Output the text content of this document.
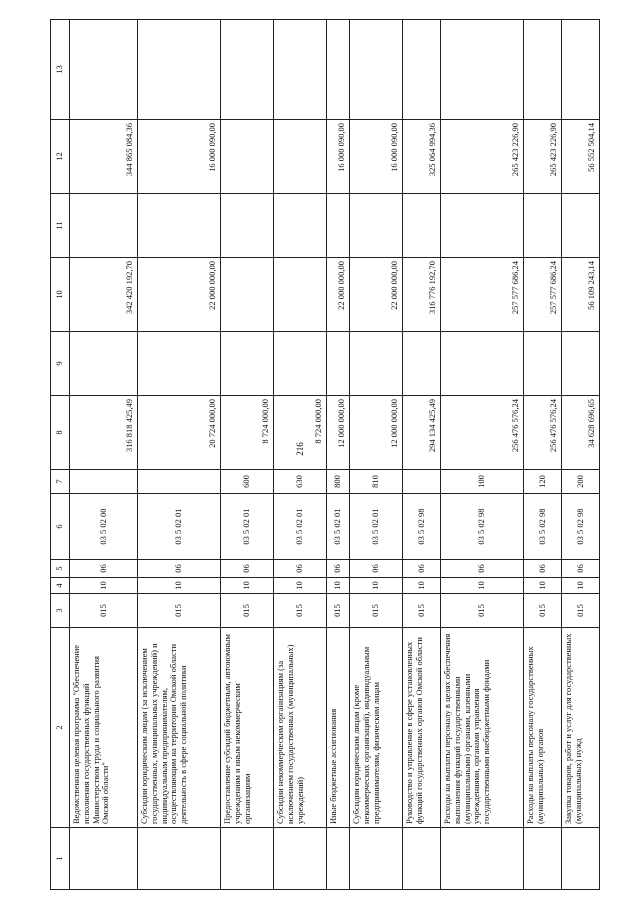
216
1	2	3	4	5	6	7	8	9	10	11	12	13
	Ведомственная целевая программа "Обеспечение исполнения государственных функций Министерством труда и социального развития Омской области"	015	10	06	03 5 02 00		316 818 425,49		342 420 192,70		344 865 084,36	
	Субсидии юридическим лицам (за исключением государственных, муниципальных учреждений) и индивидуальным предпринимателям, осуществляющим на территории Омской области деятельность в сфере социальной политики	015	10	06	03 5 02 01		20 724 000,00		22 000 000,00		16 000 090,00	
	Предоставление субсидий бюджетным, автономным учреждениям и иным некоммерческим организациям	015	10	06	03 5 02 01	600	8 724 000,00					
	Субсидии некоммерческим организациям (за исключением государственных (муниципальных) учреждений)	015	10	06	03 5 02 01	630	8 724 000,00					
	Иные бюджетные ассигнования	015	10	06	03 5 02 01	800	12 000 000,00		22 000 000,00		16 000 090,00	
	Субсидии юридическим лицам (кроме некоммерческих организаций), индивидуальным предпринимателям, физическим лицам	015	10	06	03 5 02 01	810	12 000 000,00		22 000 000,00		16 000 090,00	
	Руководство и управление в сфере установленных функций государственных органов Омской области	015	10	06	03 5 02 98		294 134 425,49		316 776 192,70		325 064 994,36	
	Расходы на выплаты персоналу в целях обеспечения выполнения функций государственными (муниципальными) органами, казенными учреждениями, органами управления государственными внебюджетными фондами	015	10	06	03 5 02 98	100	256 476 576,24		257 577 686,24		265 423 226,90	
	Расходы на выплаты персоналу государственных (муниципальных) органов	015	10	06	03 5 02 98	120	256 476 576,24		257 577 686,24		265 423 226,90	
	Закупка товаров, работ и услуг для государственных (муниципальных) нужд	015	10	06	03 5 02 98	200	34 628 696,65		56 109 243,14		56 552 504,14	
